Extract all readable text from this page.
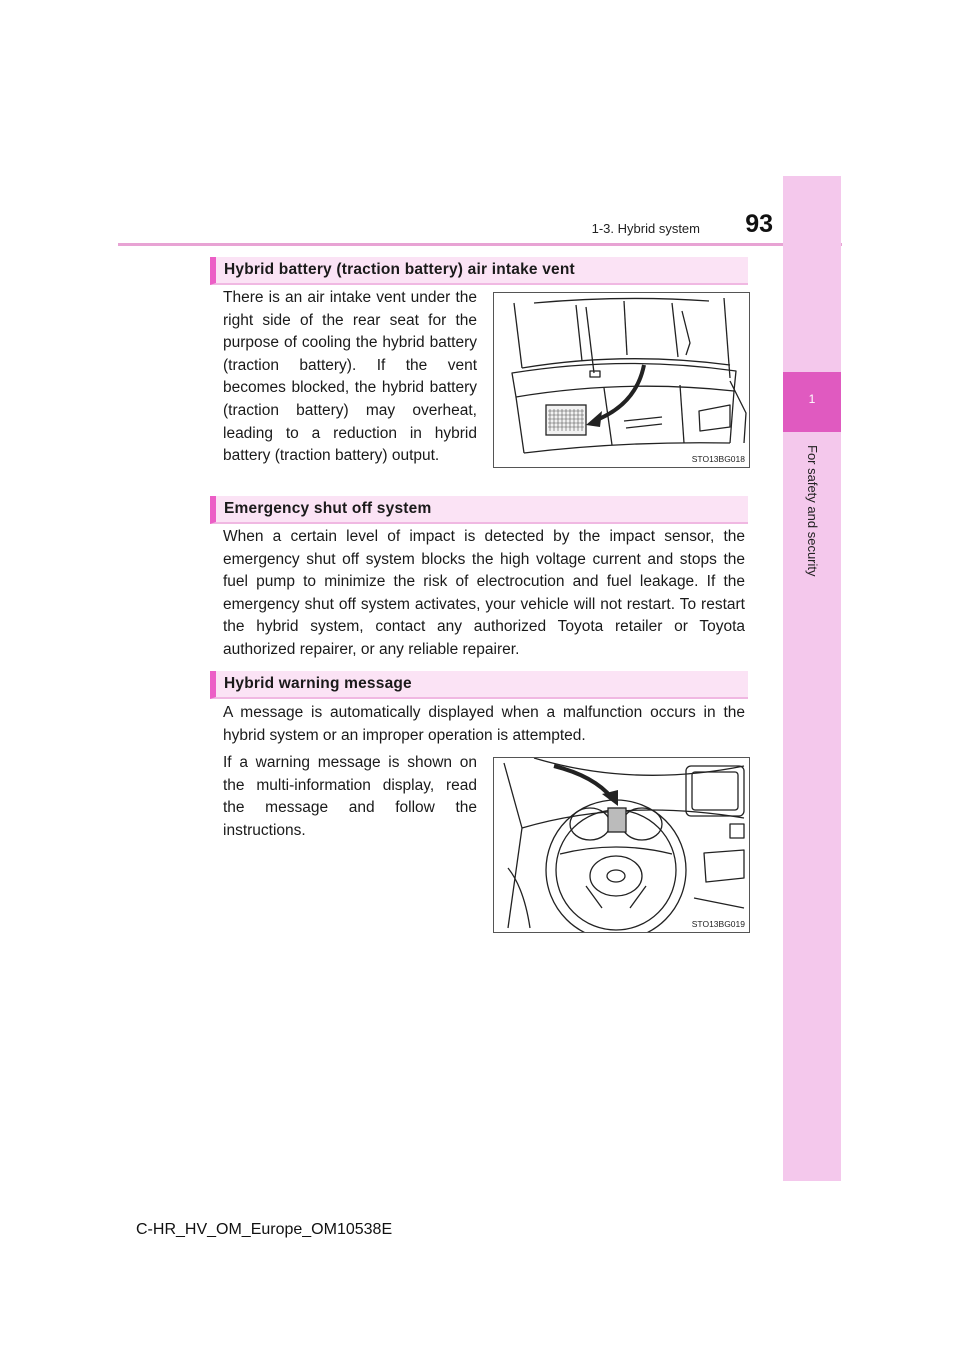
1-3. Hybrid system	93
1
For safety and security
Hybrid battery (traction battery) air intake vent

There is an air intake vent under the right side of the rear seat for the purpose of cooling the hybrid battery (traction battery). If the vent becomes blocked, the hybrid battery (traction battery) may overheat, leading to a reduction in hybrid battery (traction battery) output.	STO13BG018
Emergency shut off system

When a certain level of impact is detected by the impact sensor, the emergency shut off system blocks the high voltage current and stops the fuel pump to minimize the risk of electrocution and fuel leakage. If the emergency shut off system activates, your vehicle will not restart. To restart the hybrid system, contact any authorized Toyota retailer or Toyota authorized repairer, or any reliable repairer.

Hybrid warning message

A message is automatically displayed when a malfunction occurs in the hybrid system or an improper operation is attempted.

If a warning message is shown on the multi-information display, read the message and follow the instructions.

STO13BG019
C-HR_HV_OM_Europe_OM10538E
